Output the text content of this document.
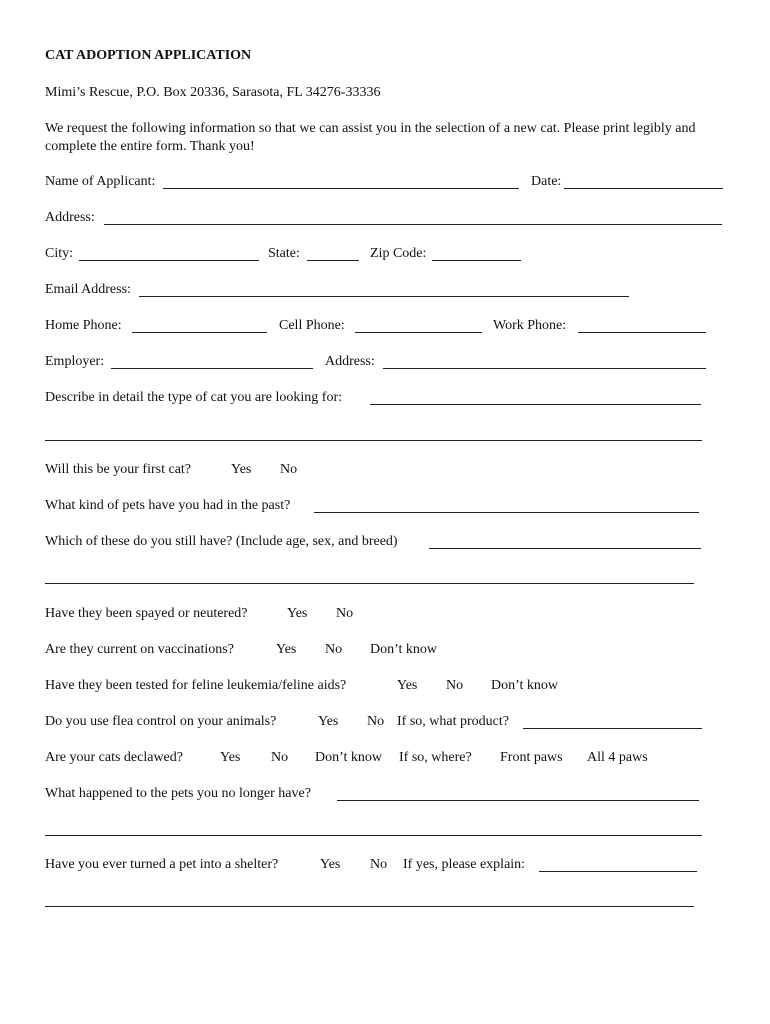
CAT ADOPTION APPLICATION
Mimi’s Rescue, P.O. Box 20336, Sarasota, FL 34276-33336
We request the following information so that we can assist you in the selection of a new cat. Please print legibly and complete the entire form. Thank you!
Name of Applicant:	Date:
Address:
City:	State:	Zip Code:
Email Address:
Home Phone:	Cell Phone:	Work Phone:
Employer:	Address:
Describe in detail the type of cat you are looking for:
Will this be your first cat?	Yes No
What kind of pets have you had in the past?
Which of these do you still have? (Include age, sex, and breed)
Have they been spayed or neutered?	Yes No
Are they current on vaccinations?	Yes No Don’t know
Have they been tested for feline leukemia/feline aids?	Yes No Don’t know
Do you use flea control on your animals?	Yes No If so, what product?
Are your cats declawed?	Yes No Don’t know If so, where? Front paws All 4 paws
What happened to the pets you no longer have?
Have you ever turned a pet into a shelter?	Yes No If yes, please explain:
